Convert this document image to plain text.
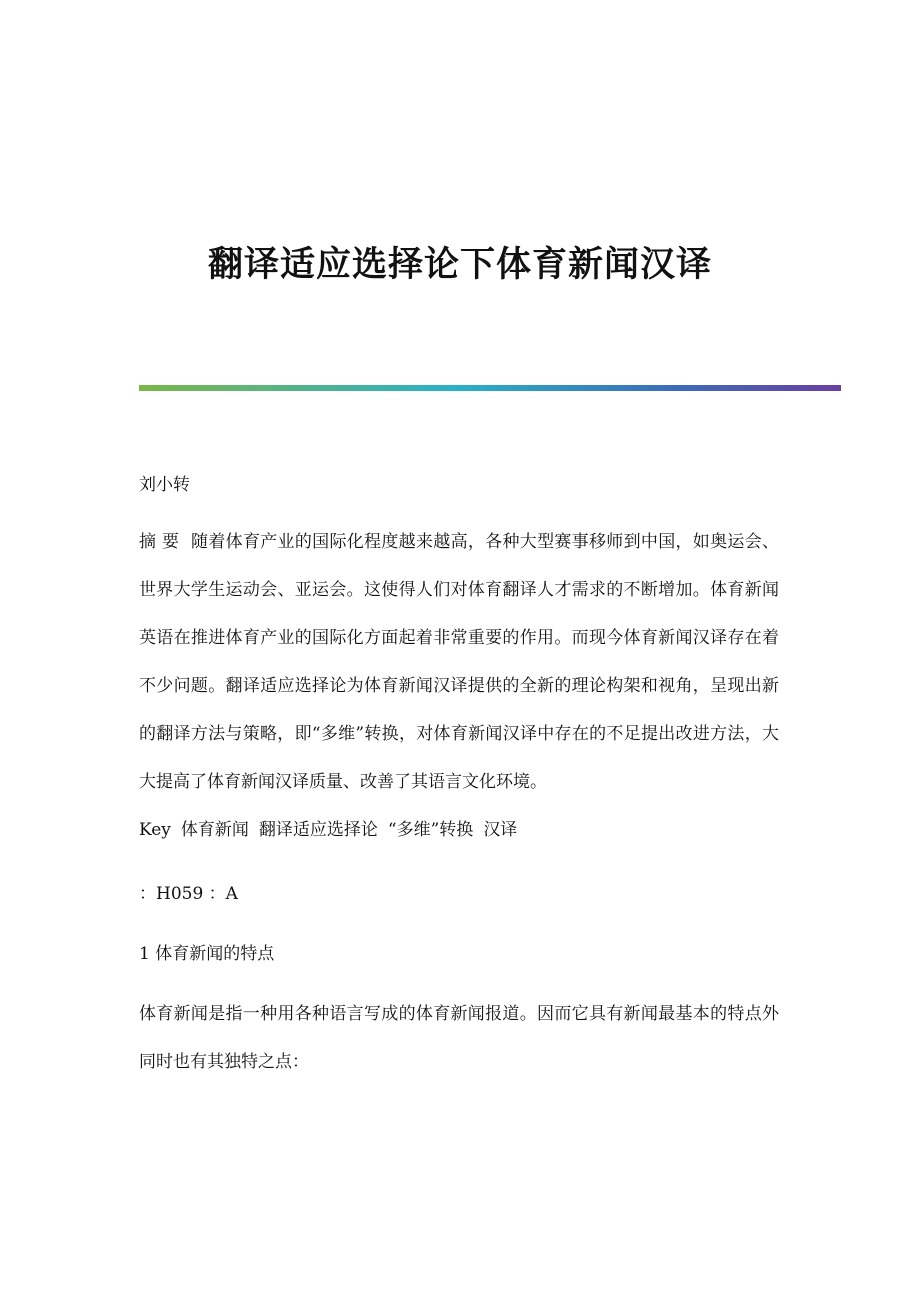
翻译适应选择论下体育新闻汉译

刘小转

摘 要 随着体育产业的国际化程度越来越高，各种大型赛事移师到中国，如奥运会、世界大学生运动会、亚运会。这使得人们对体育翻译人才需求的不断增加。体育新闻英语在推进体育产业的国际化方面起着非常重要的作用。而现今体育新闻汉译存在着不少问题。翻译适应选择论为体育新闻汉译提供的全新的理论构架和视角，呈现出新的翻译方法与策略，即“多维”转换，对体育新闻汉译中存在的不足提出改进方法，大大提高了体育新闻汉译质量、改善了其语言文化环境。

Key 体育新闻 翻译适应选择论 “多维”转换 汉译

：H059 ：A

1 体育新闻的特点

体育新闻是指一种用各种语言写成的体育新闻报道。因而它具有新闻最基本的特点外同时也有其独特之点：
